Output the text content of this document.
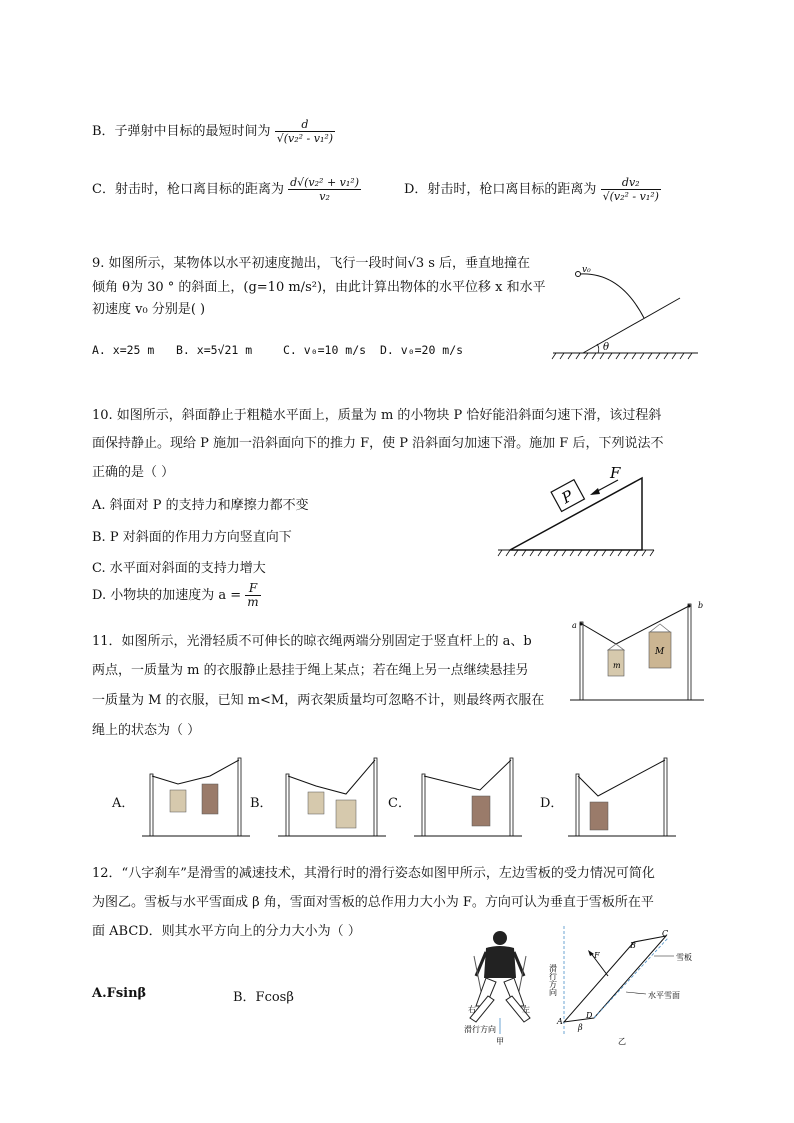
B．子弹射中目标的最短时间为 $\frac{d}{\text{√(v₂² - v₁²)}}$
C．射击时，枪口离目标的距离为 $\frac{\text{d√(v₂² + v₁²)}}{\text{v₂}}$	D．射击时，枪口离目标的距离为 $\frac{\text{dv₂}}{\text{√(v₂² - v₁²)}}$
9. 如图所示，某物体以水平初速度抛出，飞行一段时间√3 s 后，垂直地撞在
倾角 θ为 30 ° 的斜面上，(g=10 m/s²)，由此计算出物体的水平位移 x 和水平
初速度 v₀ 分别是( )
A. x=25 m B. x=5√21 m	C. v₀=10 m/s D. v₀=20 m/s
v₀
θ
10. 如图所示，斜面静止于粗糙水平面上，质量为 m 的小物块 P 恰好能沿斜面匀速下滑，该过程斜
面保持静止。现给 P 施加一沿斜面向下的推力 F，使 P 沿斜面匀加速下滑。施加 F 后，下列说法不
正确的是（ ）
A. 斜面对 P 的支持力和摩擦力都不变
B. P 对斜面的作用力方向竖直向下
C. 水平面对斜面的支持力增大
D. 小物块的加速度为 $a = \frac{F}{m}$
P
F
11．如图所示，光滑轻质不可伸长的晾衣绳两端分别固定于竖直杆上的 a、b
两点，一质量为 m 的衣服静止悬挂于绳上某点；若在绳上另一点继续悬挂另
一质量为 M 的衣服，已知 m<M，两衣架质量均可忽略不计，则最终两衣服在
绳上的状态为（ ）
a
b
m
M
A．	B．	C．	D．
12．“八字刹车”是滑雪的减速技术，其滑行时的滑行姿态如图甲所示，左边雪板的受力情况可简化
为图乙。雪板与水平雪面成 β 角，雪面对雪板的总作用力大小为 F。方向可认为垂直于雪板所在平
面 ABCD．则其水平方向上的分力大小为（ ）
A.Fsinβ	B．Fcosβ
右	左
滑行方向
甲
滑行方向
F
A
B
C
D
β
雪板
水平雪面
乙
